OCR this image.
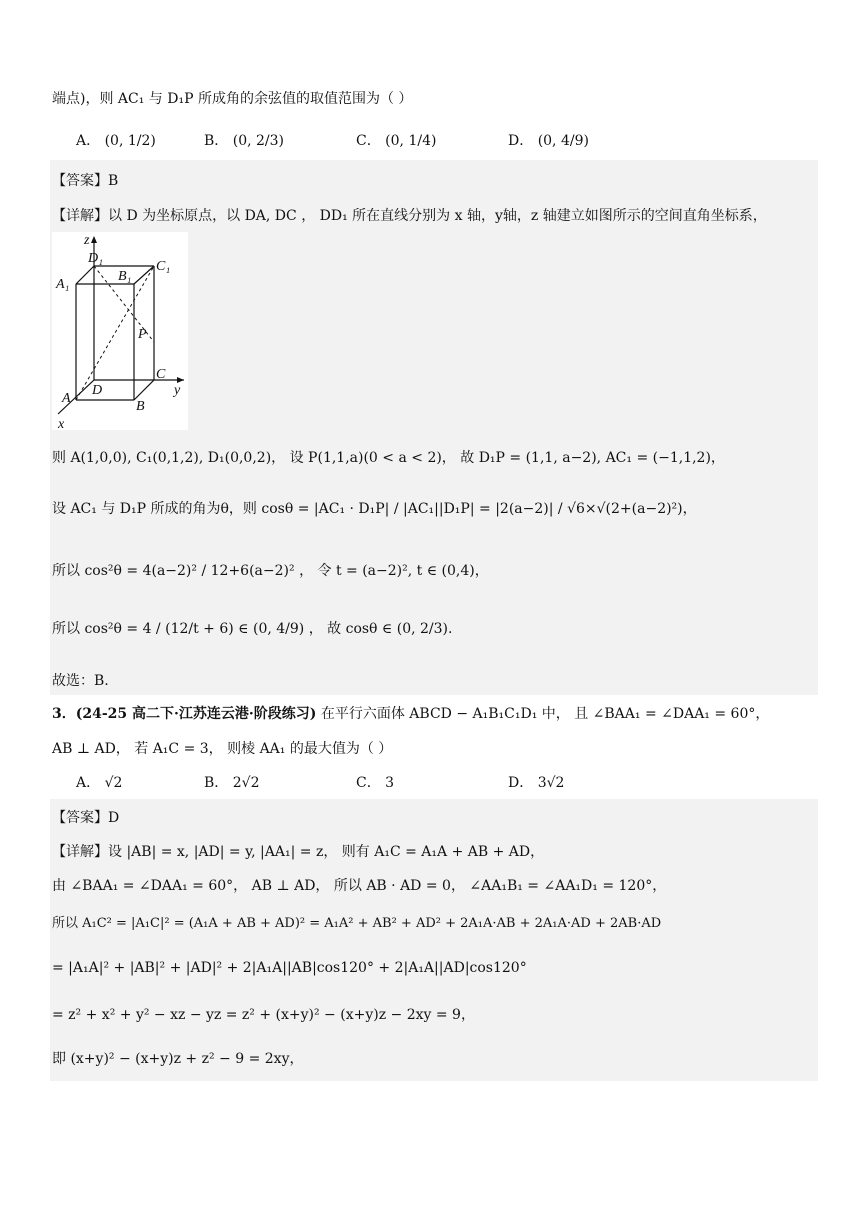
端点)，则 AC₁ 与 D₁P 所成角的余弦值的取值范围为（ ）
A． (0, 1/2)	B． (0, 2/3)	C． (0, 1/4)	D． (0, 4/9)
【答案】B
【详解】以 D 为坐标原点，以 DA, DC ， DD₁ 所在直线分别为 x 轴，y轴，z 轴建立如图所示的空间直角坐标系，
z
D₁
B₁
C₁
A₁
P
C
y
A
D
B
x
则 A(1,0,0), C₁(0,1,2), D₁(0,0,2)， 设 P(1,1,a)(0 < a < 2)， 故 D₁P = (1,1, a−2), AC₁ = (−1,1,2)，
设 AC₁ 与 D₁P 所成的角为θ，则 cosθ = |AC₁ · D₁P| / |AC₁||D₁P| = |2(a−2)| / √6×√(2+(a−2)²)，
所以 cos²θ = 4(a−2)² / 12+6(a−2)² ， 令 t = (a−2)², t ∈ (0,4)，
所以 cos²θ = 4 / (12/t + 6) ∈ (0, 4/9) ， 故 cosθ ∈ (0, 2/3).
故选：B.
3．(24-25 高二下·江苏连云港·阶段练习) 在平行六面体 ABCD − A₁B₁C₁D₁ 中， 且 ∠BAA₁ = ∠DAA₁ = 60°，
AB ⊥ AD， 若 A₁C = 3， 则棱 AA₁ 的最大值为（ ）
A． √2	B． 2√2	C． 3	D． 3√2
【答案】D
【详解】设 |AB| = x, |AD| = y, |AA₁| = z， 则有 A₁C = A₁A + AB + AD，
由 ∠BAA₁ = ∠DAA₁ = 60°， AB ⊥ AD， 所以 AB · AD = 0， ∠AA₁B₁ = ∠AA₁D₁ = 120°，
所以 A₁C² = |A₁C|² = (A₁A + AB + AD)² = A₁A² + AB² + AD² + 2A₁A·AB + 2A₁A·AD + 2AB·AD
= |A₁A|² + |AB|² + |AD|² + 2|A₁A||AB|cos120° + 2|A₁A||AD|cos120°
= z² + x² + y² − xz − yz = z² + (x+y)² − (x+y)z − 2xy = 9，
即 (x+y)² − (x+y)z + z² − 9 = 2xy，
